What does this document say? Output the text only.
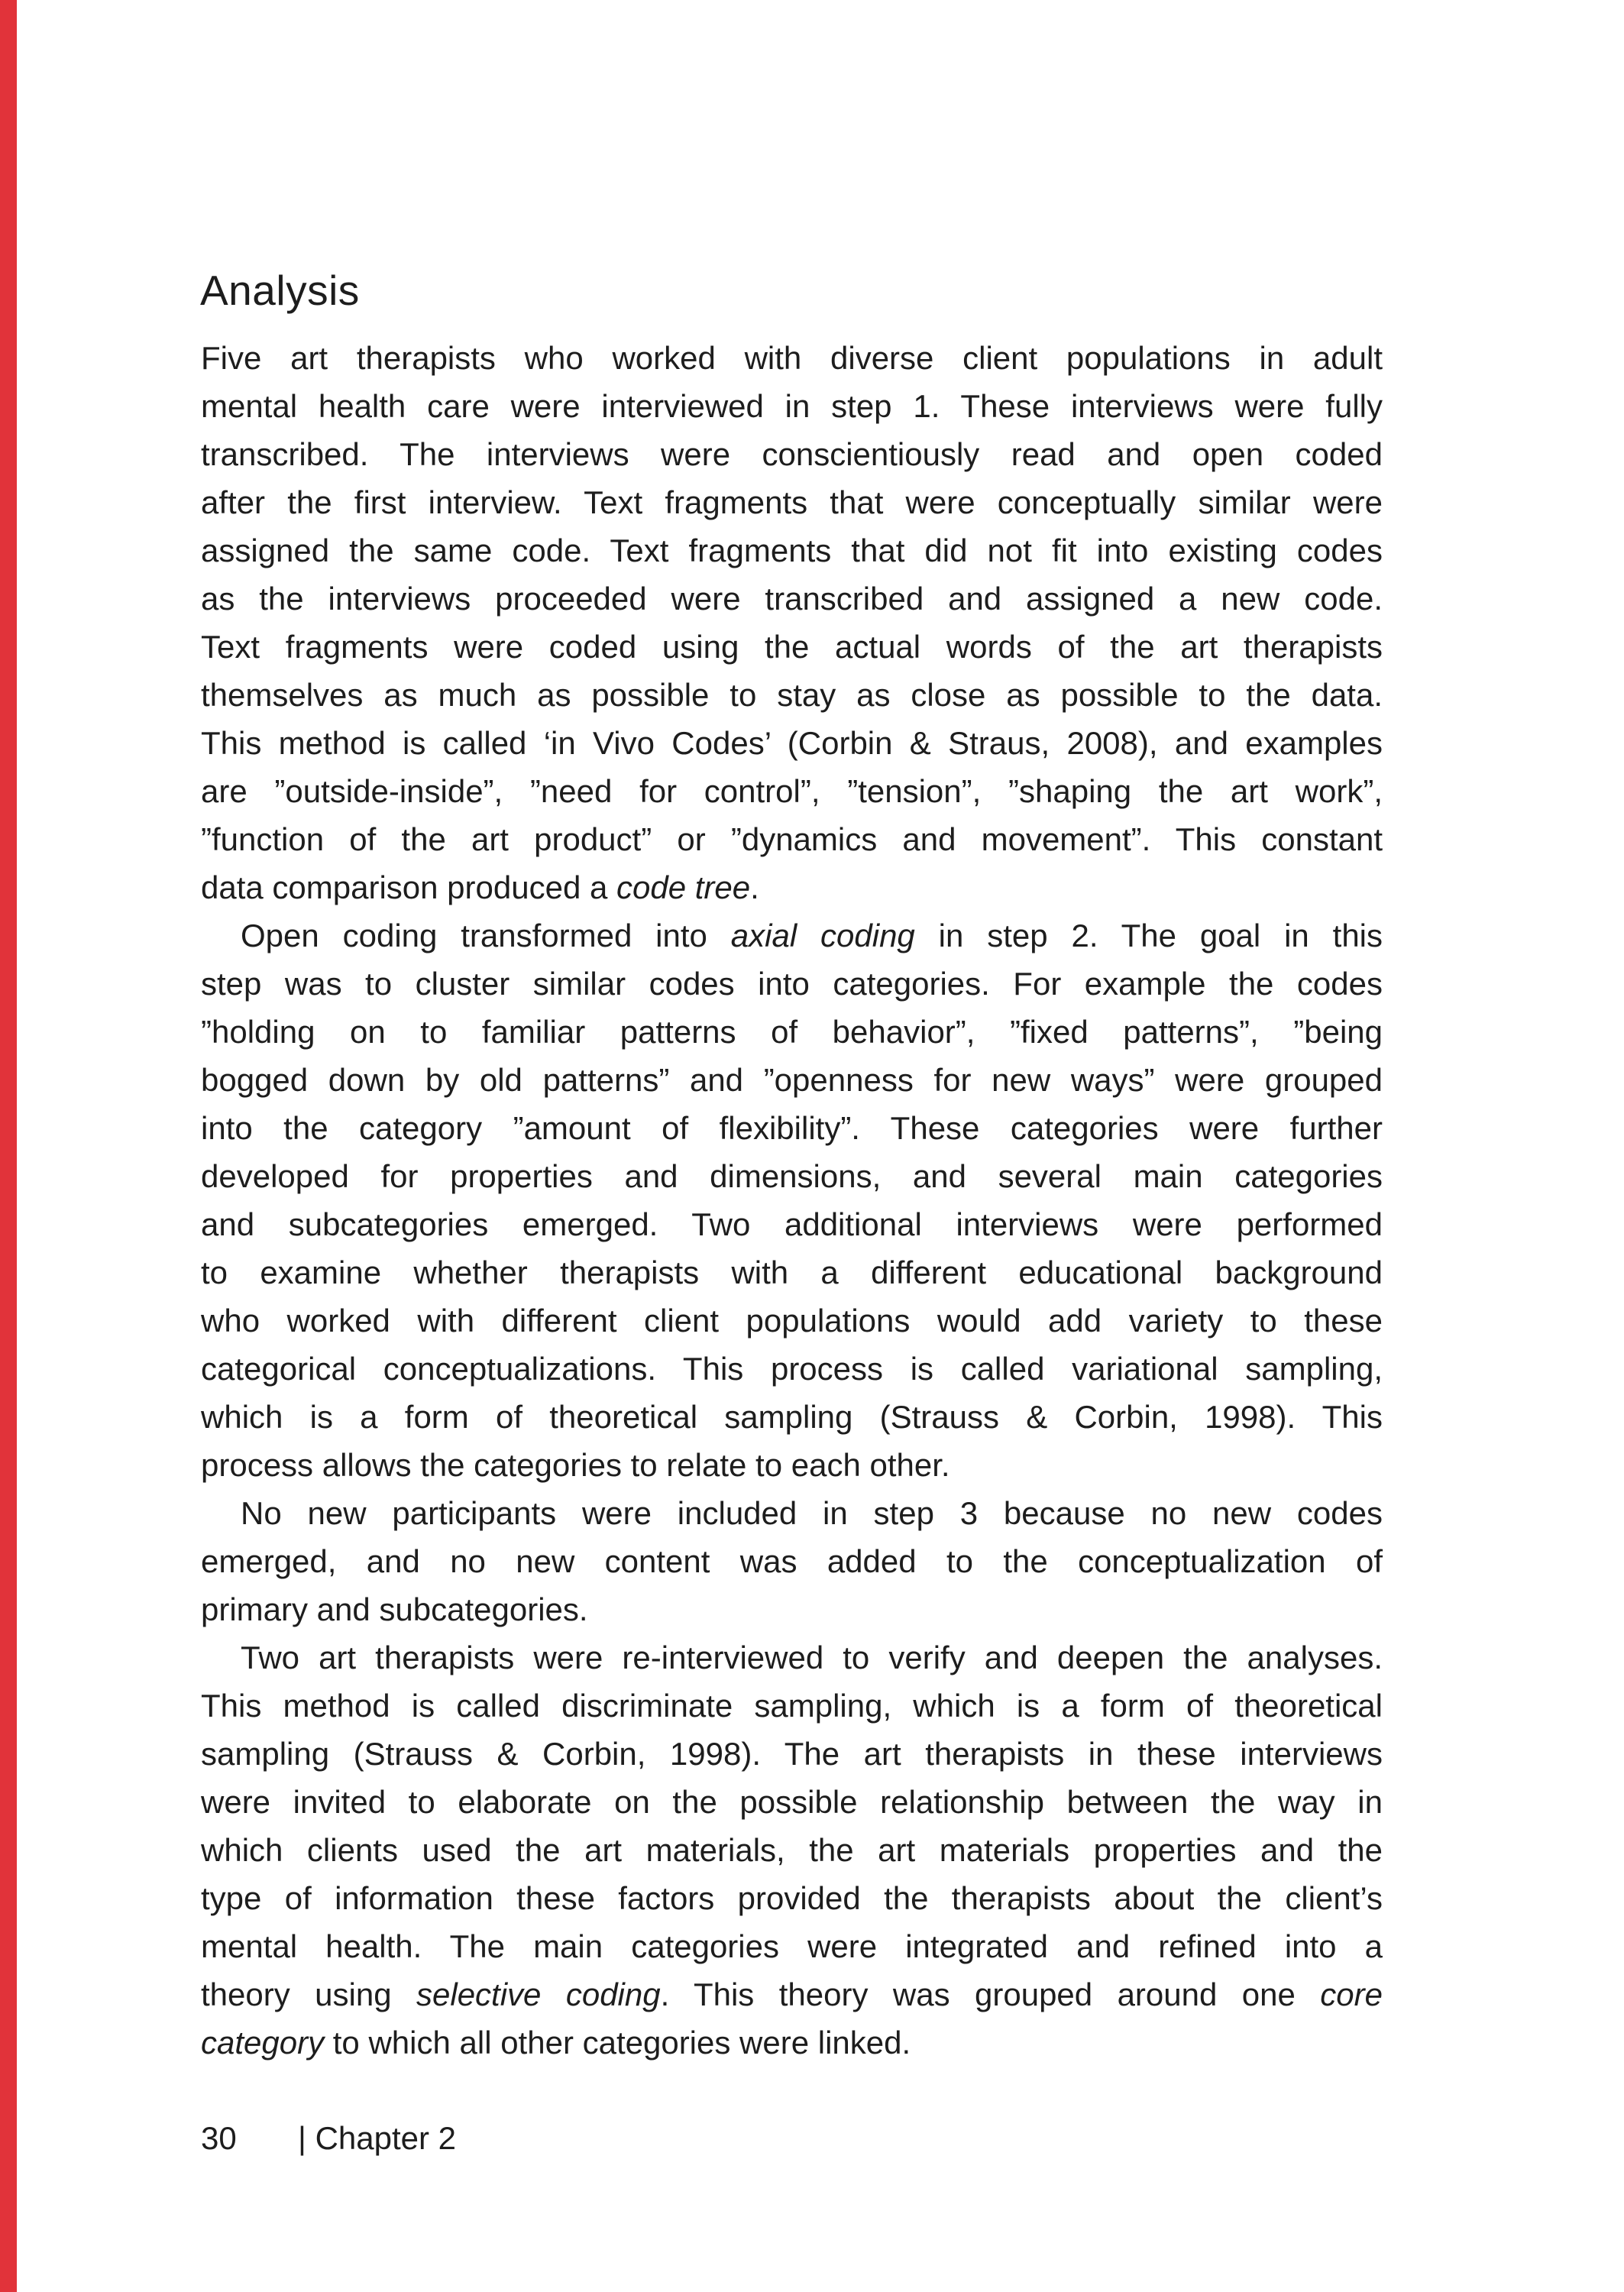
Analysis
Five art therapists who worked with diverse client populations in adult
mental health care were interviewed in step 1. These interviews were fully
transcribed. The interviews were conscientiously read and open coded
after the first interview. Text fragments that were conceptually similar were
assigned the same code. Text fragments that did not fit into existing codes
as the interviews proceeded were transcribed and assigned a new code.
Text fragments were coded using the actual words of the art therapists
themselves as much as possible to stay as close as possible to the data.
This method is called ‘in Vivo Codes’ (Corbin & Straus, 2008), and examples
are ”outside-inside”, ”need for control”, ”tension”, ”shaping the art work”,
”function of the art product” or ”dynamics and movement”. This constant
data comparison produced a code tree.
Open coding transformed into axial coding in step 2. The goal in this
step was to cluster similar codes into categories. For example the codes
”holding on to familiar patterns of behavior”, ”fixed patterns”, ”being
bogged down by old patterns” and ”openness for new ways” were grouped
into the category ”amount of flexibility”. These categories were further
developed for properties and dimensions, and several main categories
and subcategories emerged. Two additional interviews were performed
to examine whether therapists with a different educational background
who worked with different client populations would add variety to these
categorical conceptualizations. This process is called variational sampling,
which is a form of theoretical sampling (Strauss & Corbin, 1998). This
process allows the categories to relate to each other.
No new participants were included in step 3 because no new codes
emerged, and no new content was added to the conceptualization of
primary and subcategories.
Two art therapists were re-interviewed to verify and deepen the analyses.
This method is called discriminate sampling, which is a form of theoretical
sampling (Strauss & Corbin, 1998). The art therapists in these interviews
were invited to elaborate on the possible relationship between the way in
which clients used the art materials, the art materials properties and the
type of information these factors provided the therapists about the client’s
mental health. The main categories were integrated and refined into a
theory using selective coding. This theory was grouped around one core
category to which all other categories were linked.
30 | Chapter 2
